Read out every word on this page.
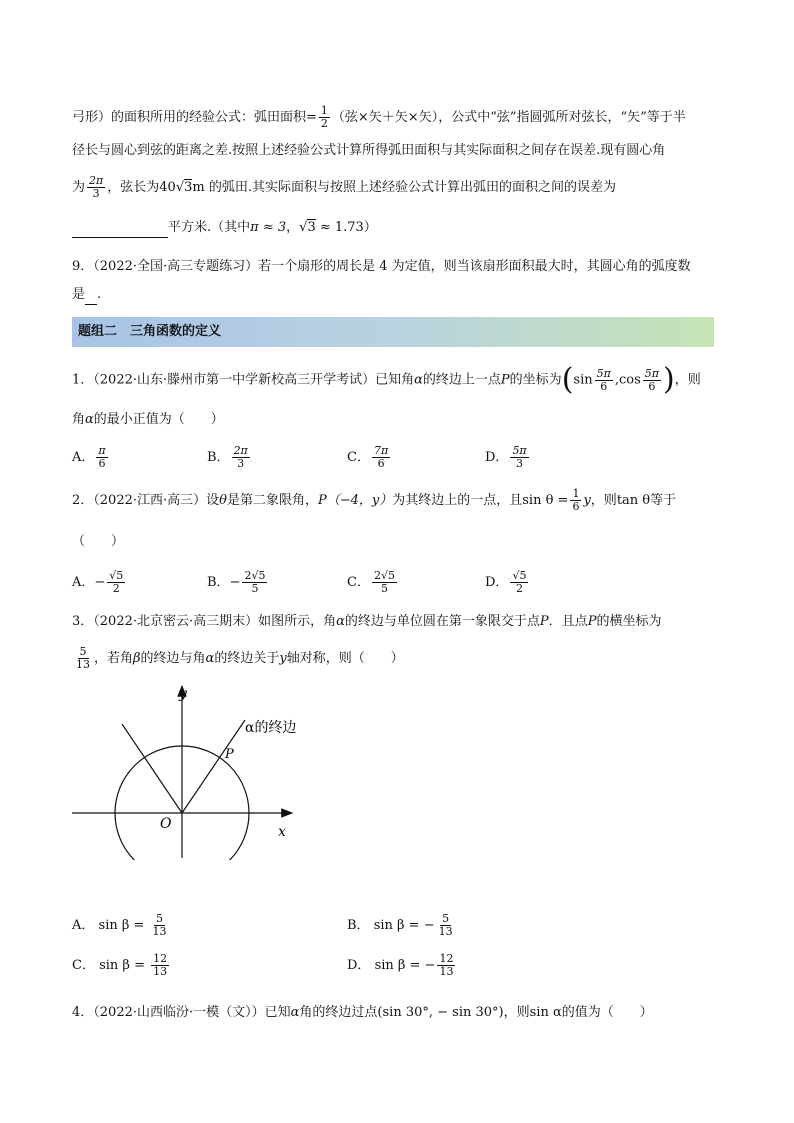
弓形）的面积所用的经验公式：弧田面积= $\frac{1}{2}$ （弦×矢＋矢×矢），公式中“弦”指圆弧所对弦长，“矢”等于半
径长与圆心到弦的距离之差.按照上述经验公式计算所得弧田面积与其实际面积之间存在误差.现有圆心角
为 $\frac{2\pi}{3}$ ，弦长为40√3m 的弧田.其实际面积与按照上述经验公式计算出弧田的面积之间的误差为
平方米.（其中π ≈ 3，√3 ≈ 1.73）
9．（2022·全国·高三专题练习）若一个扇形的周长是 4 为定值，则当该扇形面积最大时，其圆心角的弧度数
是 .
题组二　三角函数的定义
1．（2022·山东·滕州市第一中学新校高三开学考试）已知角α的终边上一点P的坐标为($\sin \frac{5\pi}{6} ,\cos \frac{5\pi}{6}$ )，则
角α的最小正值为（　　）
A． $\frac{\pi}{6}$	B． $\frac{2\pi}{3}$	C． $\frac{7\pi}{6}$	D． $\frac{5\pi}{3}$
2．（2022·江西·高三）设θ是第二象限角，P（−4，y）为其终边上的一点，且$\sin \theta = \frac{1}{6}$ y，则tan θ等于
（　　）
A．− $\frac{√5}{2}$	B．− $\frac{2√5}{5}$	C． $\frac{2√5}{5}$	D． $\frac{√5}{2}$
3．（2022·北京密云·高三期末）如图所示，角α的终边与单位圆在第一象限交于点P．且点P的横坐标为
$\frac{5}{13}$ ，若角β的终边与角α的终边关于y轴对称，则（　　）
y
x
O
P
α的终边
A． $\sin \beta = \frac{5}{13}$	B． sin β = − $\frac{5}{13}$
C． $\sin \beta = \frac{12}{13}$	D． sin β = − $\frac{12}{13}$
4．（2022·山西临汾·一模（文））已知α角的终边过点(sin 30°, − sin 30°)，则sin α的值为（　　）
